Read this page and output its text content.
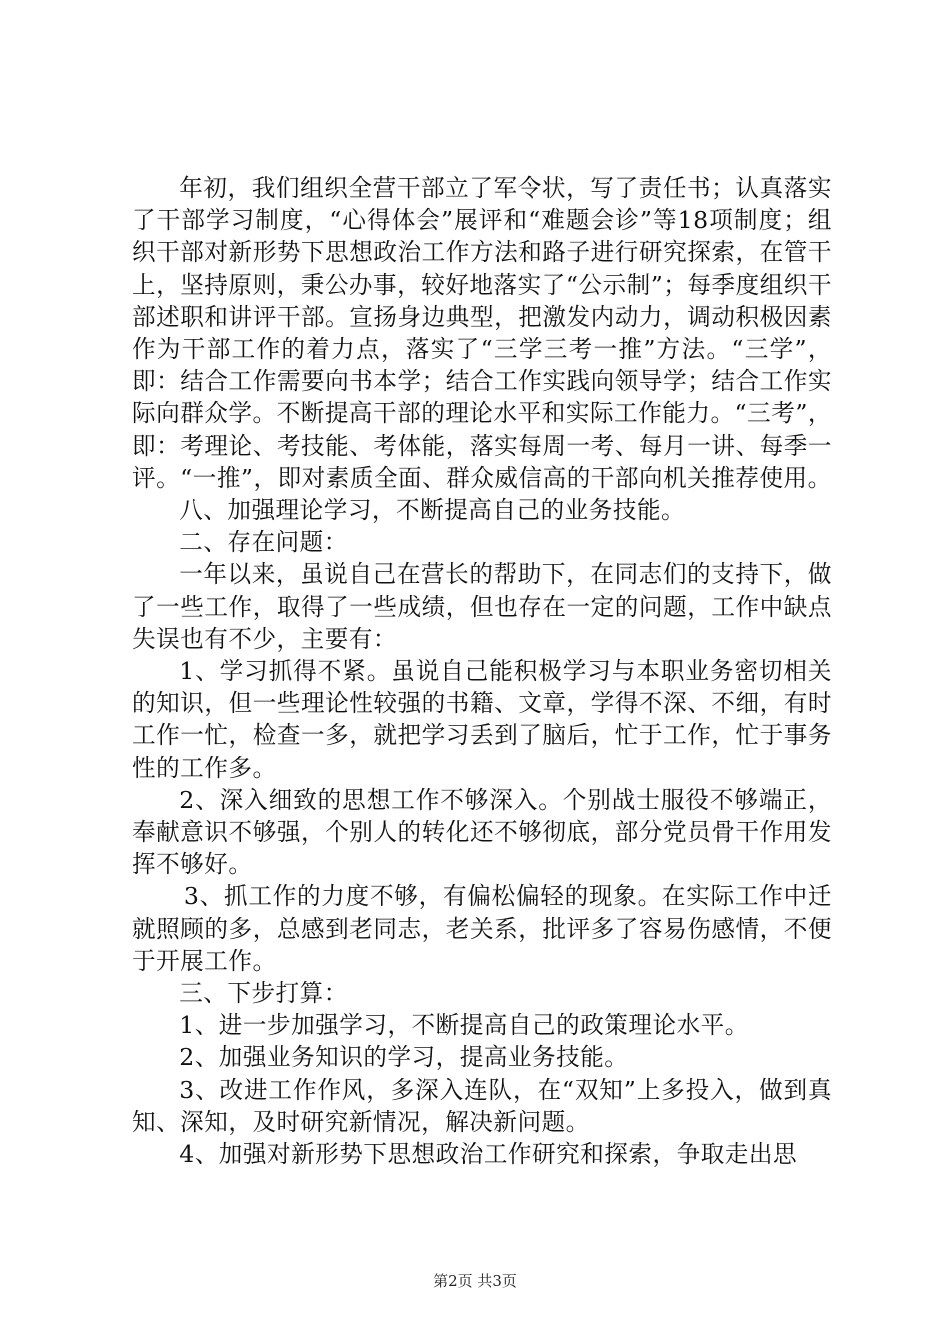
年初，我们组织全营干部立了军令状，写了责任书；认真落实了干部学习制度，“心得体会”展评和“难题会诊”等18项制度；组织干部对新形势下思想政治工作方法和路子进行研究探索，在管干上，坚持原则，秉公办事，较好地落实了“公示制”；每季度组织干部述职和讲评干部。宣扬身边典型，把激发内动力，调动积极因素作为干部工作的着力点，落实了“三学三考一推”方法。“三学”，即：结合工作需要向书本学；结合工作实践向领导学；结合工作实际向群众学。不断提高干部的理论水平和实际工作能力。“三考”，即：考理论、考技能、考体能，落实每周一考、每月一讲、每季一评。“一推”，即对素质全面、群众威信高的干部向机关推荐使用。

八、加强理论学习，不断提高自己的业务技能。

二、存在问题：

一年以来，虽说自己在营长的帮助下，在同志们的支持下，做了一些工作，取得了一些成绩，但也存在一定的问题，工作中缺点失误也有不少，主要有：

1、学习抓得不紧。虽说自己能积极学习与本职业务密切相关的知识，但一些理论性较强的书籍、文章，学得不深、不细，有时工作一忙，检查一多，就把学习丢到了脑后，忙于工作，忙于事务性的工作多。

2、深入细致的思想工作不够深入。个别战士服役不够端正，奉献意识不够强，个别人的转化还不够彻底，部分党员骨干作用发挥不够好。

3、抓工作的力度不够，有偏松偏轻的现象。在实际工作中迁就照顾的多，总感到老同志，老关系，批评多了容易伤感情，不便于开展工作。

三、下步打算：

1、进一步加强学习，不断提高自己的政策理论水平。

2、加强业务知识的学习，提高业务技能。

3、改进工作作风，多深入连队，在“双知”上多投入，做到真知、深知，及时研究新情况，解决新问题。

4、加强对新形势下思想政治工作研究和探索，争取走出思

第2页 共3页
